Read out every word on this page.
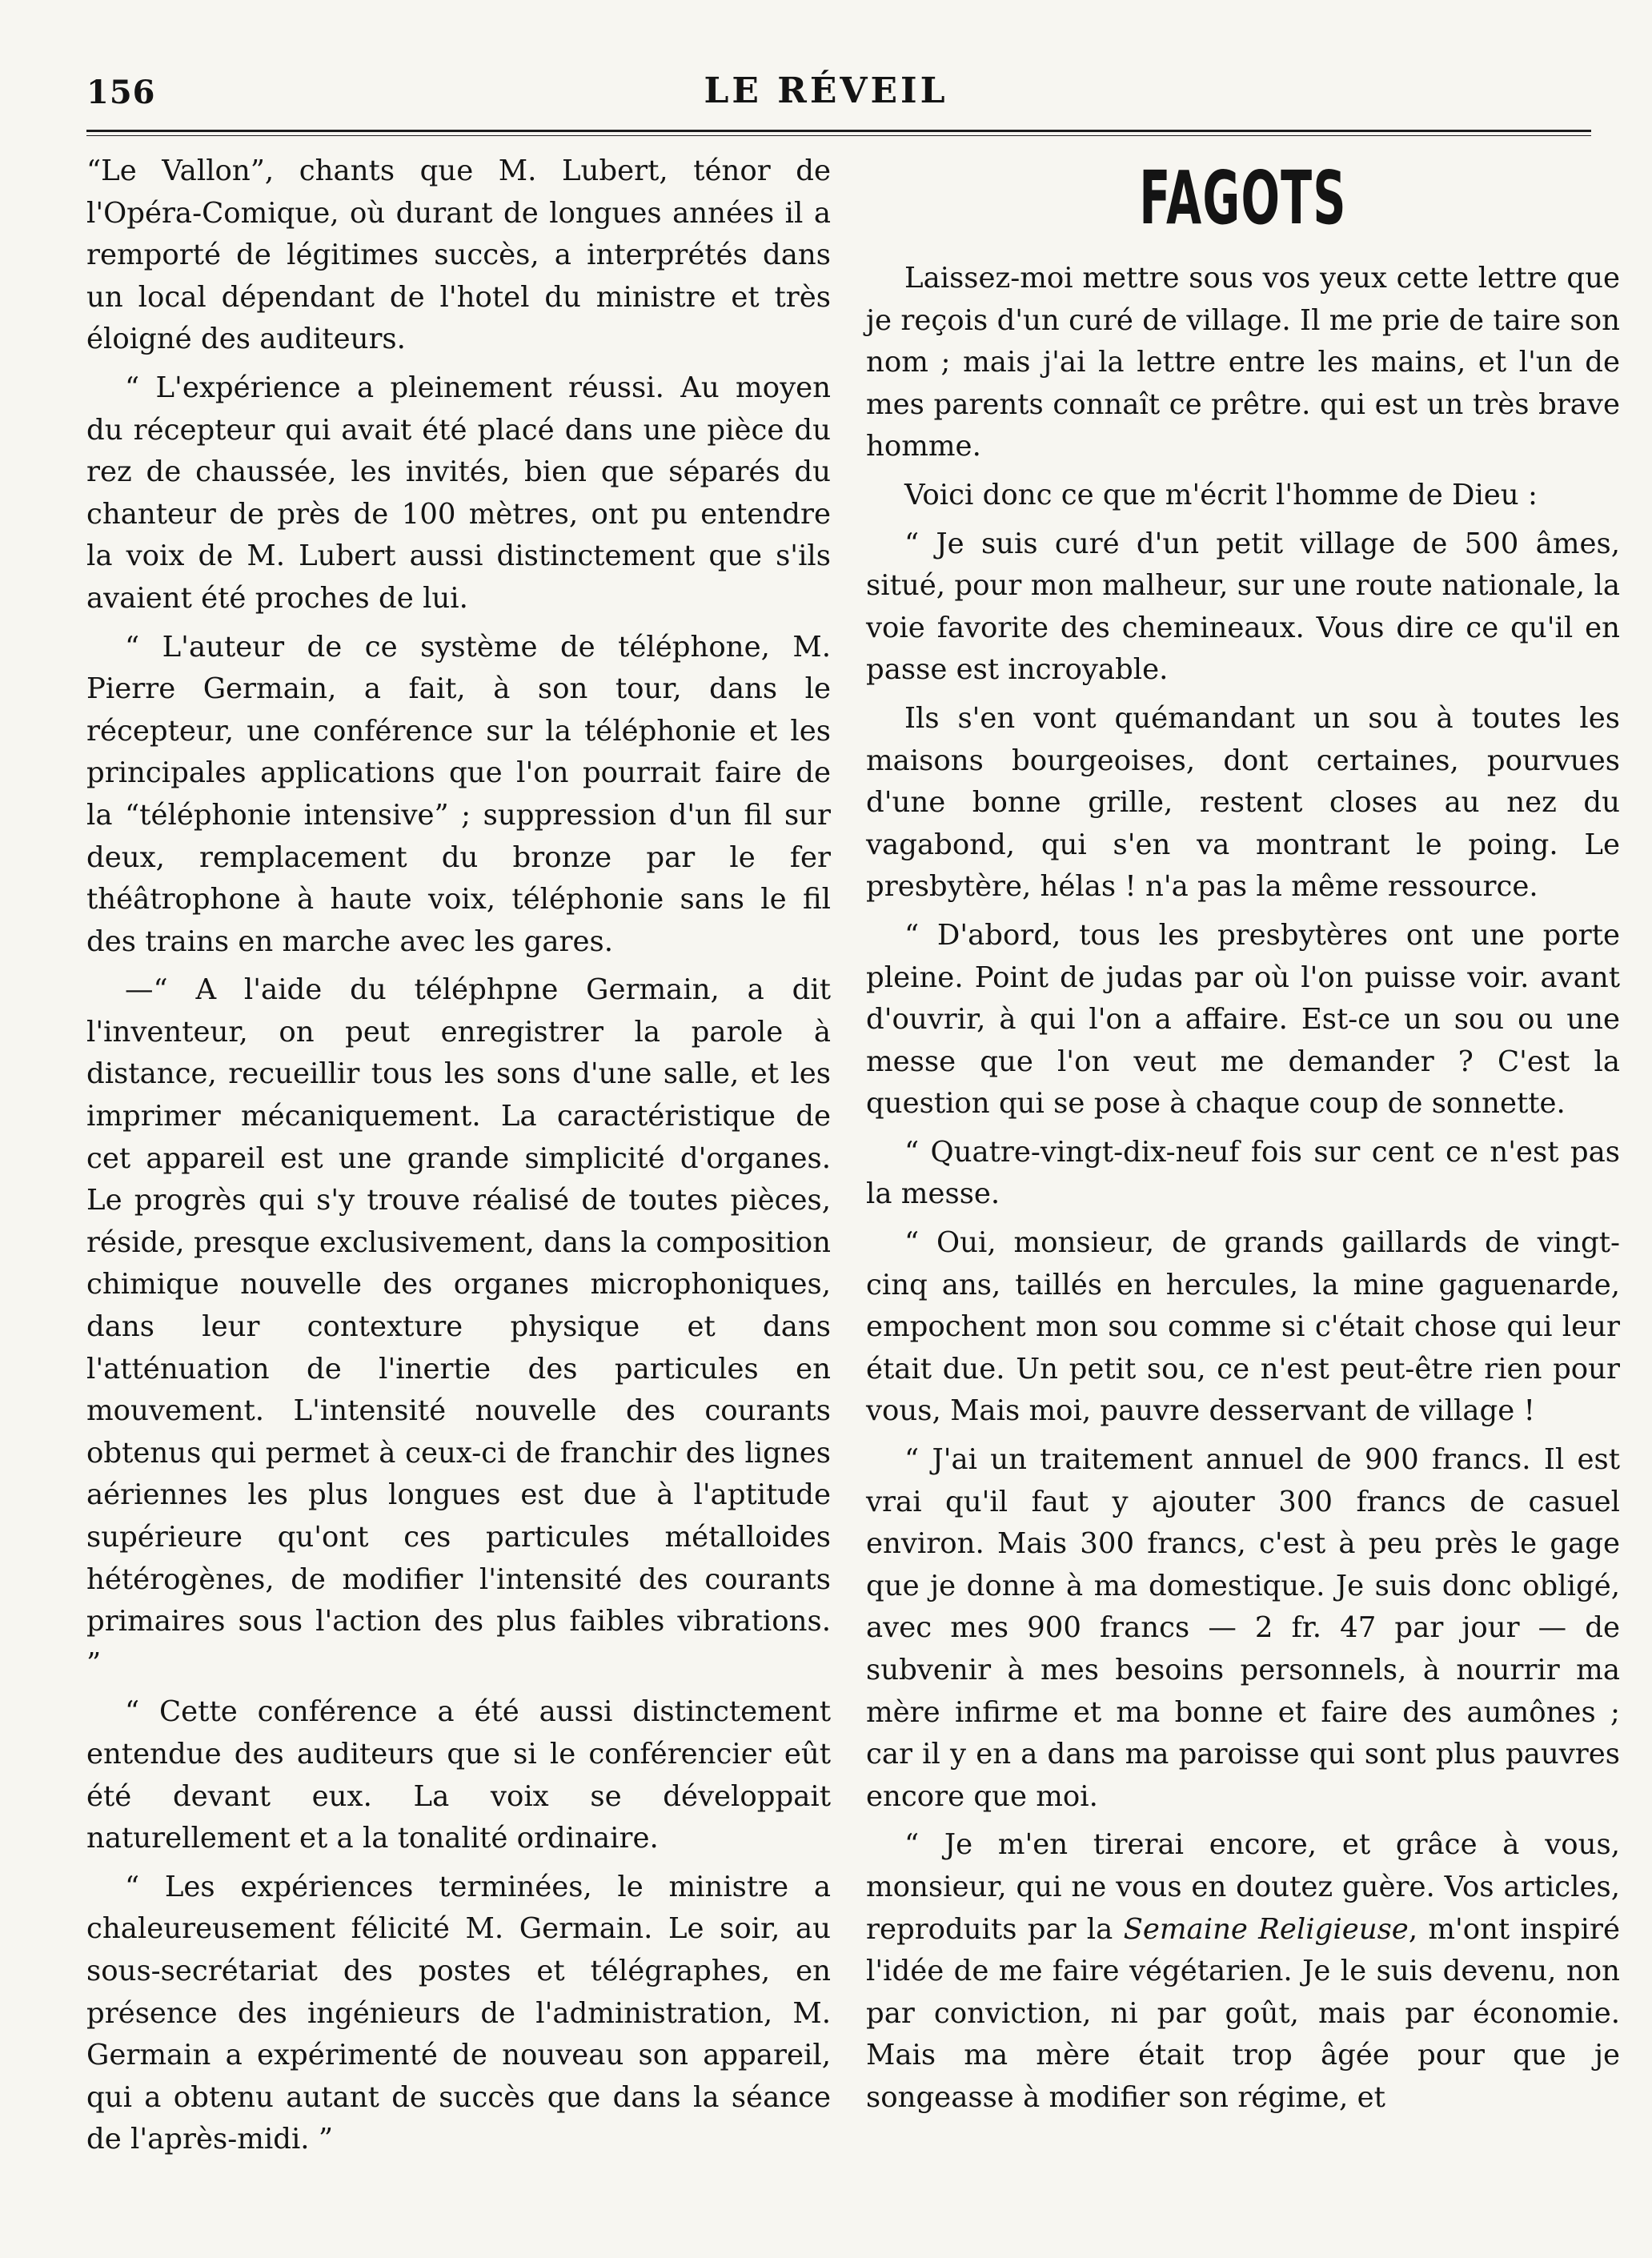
156	LE RÉVEIL

“Le Vallon”, chants que M. Lubert, ténor de l'Opéra-Comique, où durant de longues années il a remporté de légitimes succès, a interprétés dans un local dépendant de l'hotel du ministre et très éloigné des auditeurs.

“ L'expérience a pleinement réussi. Au moyen du récepteur qui avait été placé dans une pièce du rez de chaussée, les invités, bien que séparés du chanteur de près de 100 mètres, ont pu entendre la voix de M. Lubert aussi distinctement que s'ils avaient été proches de lui.

“ L'auteur de ce système de téléphone, M. Pierre Germain, a fait, à son tour, dans le récepteur, une conférence sur la téléphonie et les principales applications que l'on pourrait faire de la “téléphonie intensive” ; suppression d'un fil sur deux, remplacement du bronze par le fer théâtrophone à haute voix, téléphonie sans le fil des trains en marche avec les gares.

—“ A l'aide du téléphpne Germain, a dit l'inventeur, on peut enregistrer la parole à distance, recueillir tous les sons d'une salle, et les imprimer mécaniquement. La caractéristique de cet appareil est une grande simplicité d'organes. Le progrès qui s'y trouve réalisé de toutes pièces, réside, presque exclusivement, dans la composition chimique nouvelle des organes microphoniques, dans leur contexture physique et dans l'atténuation de l'inertie des particules en mouvement. L'intensité nouvelle des courants obtenus qui permet à ceux-ci de franchir des lignes aériennes les plus longues est due à l'aptitude supérieure qu'ont ces particules métalloides hétérogènes, de modifier l'intensité des courants primaires sous l'action des plus faibles vibrations. ”

“ Cette conférence a été aussi distinctement entendue des auditeurs que si le conférencier eût été devant eux. La voix se développait naturellement et a la tonalité ordinaire.

“ Les expériences terminées, le ministre a chaleureusement félicité M. Germain. Le soir, au sous-secrétariat des postes et télégraphes, en présence des ingénieurs de l'administration, M. Germain a expérimenté de nouveau son appareil, qui a obtenu autant de succès que dans la séance de l'après-midi. ”

FAGOTS

Laissez-moi mettre sous vos yeux cette lettre que je reçois d'un curé de village. Il me prie de taire son nom ; mais j'ai la lettre entre les mains, et l'un de mes parents connaît ce prêtre. qui est un très brave homme.

Voici donc ce que m'écrit l'homme de Dieu :

“ Je suis curé d'un petit village de 500 âmes, situé, pour mon malheur, sur une route nationale, la voie favorite des chemineaux. Vous dire ce qu'il en passe est incroyable.

Ils s'en vont quémandant un sou à toutes les maisons bourgeoises, dont certaines, pourvues d'une bonne grille, restent closes au nez du vagabond, qui s'en va montrant le poing. Le presbytère, hélas ! n'a pas la même ressource.

“ D'abord, tous les presbytères ont une porte pleine. Point de judas par où l'on puisse voir. avant d'ouvrir, à qui l'on a affaire. Est-ce un sou ou une messe que l'on veut me demander ? C'est la question qui se pose à chaque coup de sonnette.

“ Quatre-vingt-dix-neuf fois sur cent ce n'est pas la messe.

“ Oui, monsieur, de grands gaillards de vingt-cinq ans, taillés en hercules, la mine gaguenarde, empochent mon sou comme si c'était chose qui leur était due. Un petit sou, ce n'est peut-être rien pour vous, Mais moi, pauvre desservant de village !

“ J'ai un traitement annuel de 900 francs. Il est vrai qu'il faut y ajouter 300 francs de casuel environ. Mais 300 francs, c'est à peu près le gage que je donne à ma domestique. Je suis donc obligé, avec mes 900 francs — 2 fr. 47 par jour — de subvenir à mes besoins personnels, à nourrir ma mère infirme et ma bonne et faire des aumônes ; car il y en a dans ma paroisse qui sont plus pauvres encore que moi.

“ Je m'en tirerai encore, et grâce à vous, monsieur, qui ne vous en doutez guère. Vos articles, reproduits par la Semaine Religieuse, m'ont inspiré l'idée de me faire végétarien. Je le suis devenu, non par conviction, ni par goût, mais par économie. Mais ma mère était trop âgée pour que je songeasse à modifier son régime, et
